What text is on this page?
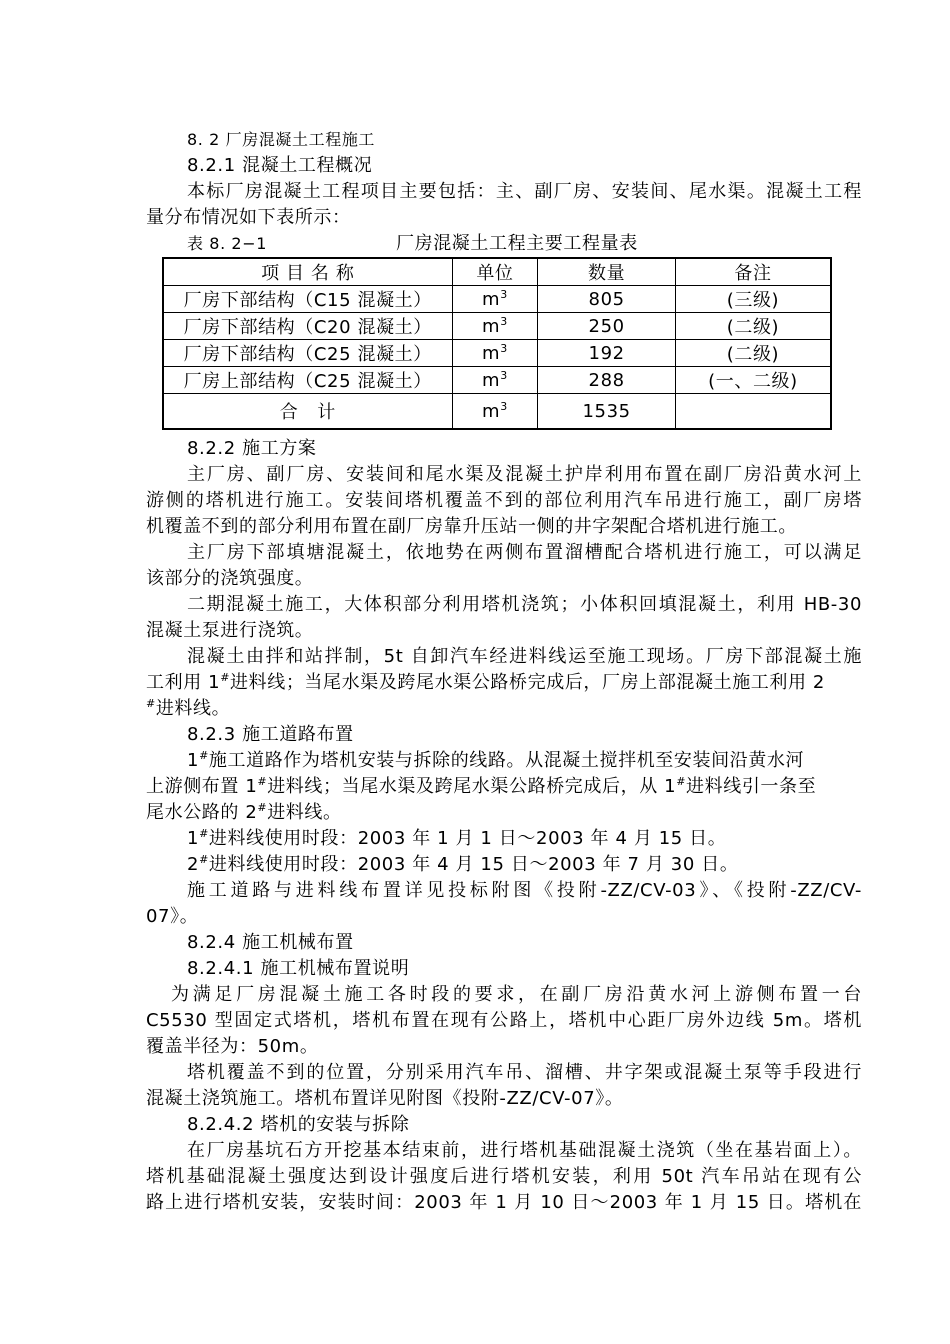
8. 2 厂房混凝土工程施工
8.2.1 混凝土工程概况
本标厂房混凝土工程项目主要包括：主、副厂房、安装间、尾水渠。混凝土工程
量分布情况如下表所示：
表 8. 2−1	厂房混凝土工程主要工程量表
项 目 名 称	单位	数量	备注
厂房下部结构（C15 混凝土）	$m^3$	805	(三级)
厂房下部结构（C20 混凝土）	$m^3$	250	(二级)
厂房下部结构（C25 混凝土）	$m^3$	192	(二级)
厂房上部结构（C25 混凝土）	$m^3$	288	(一、二级)
合   计	$m^3$	1535	
8.2.2 施工方案
主厂房、副厂房、安装间和尾水渠及混凝土护岸利用布置在副厂房沿黄水河上
游侧的塔机进行施工。安装间塔机覆盖不到的部位利用汽车吊进行施工，副厂房塔
机覆盖不到的部分利用布置在副厂房靠升压站一侧的井字架配合塔机进行施工。
主厂房下部填塘混凝土，依地势在两侧布置溜槽配合塔机进行施工，可以满足
该部分的浇筑强度。
二期混凝土施工，大体积部分利用塔机浇筑；小体积回填混凝土，利用 HB-30
混凝土泵进行浇筑。
混凝土由拌和站拌制，5t 自卸汽车经进料线运至施工现场。厂房下部混凝土施
工利用 1#进料线；当尾水渠及跨尾水渠公路桥完成后，厂房上部混凝土施工利用 2
#进料线。
8.2.3 施工道路布置
1#施工道路作为塔机安装与拆除的线路。从混凝土搅拌机至安装间沿黄水河
上游侧布置 1#进料线；当尾水渠及跨尾水渠公路桥完成后，从 1#进料线引一条至
尾水公路的 2#进料线。
1#进料线使用时段：2003 年 1 月 1 日～2003 年 4 月 15 日。
2#进料线使用时段：2003 年 4 月 15 日～2003 年 7 月 30 日。
施工道路与进料线布置详见投标附图《投附-ZZ/CV-03》、《投附-ZZ/CV-
07》。
8.2.4 施工机械布置
8.2.4.1 施工机械布置说明
为满足厂房混凝土施工各时段的要求，在副厂房沿黄水河上游侧布置一台
C5530 型固定式塔机，塔机布置在现有公路上，塔机中心距厂房外边线 5m。塔机
覆盖半径为：50m。
塔机覆盖不到的位置，分别采用汽车吊、溜槽、井字架或混凝土泵等手段进行
混凝土浇筑施工。塔机布置详见附图《投附-ZZ/CV-07》。
8.2.4.2 塔机的安装与拆除
在厂房基坑石方开挖基本结束前，进行塔机基础混凝土浇筑（坐在基岩面上）。
塔机基础混凝土强度达到设计强度后进行塔机安装，利用 50t 汽车吊站在现有公
路上进行塔机安装，安装时间：2003 年 1 月 10 日～2003 年 1 月 15 日。塔机在
